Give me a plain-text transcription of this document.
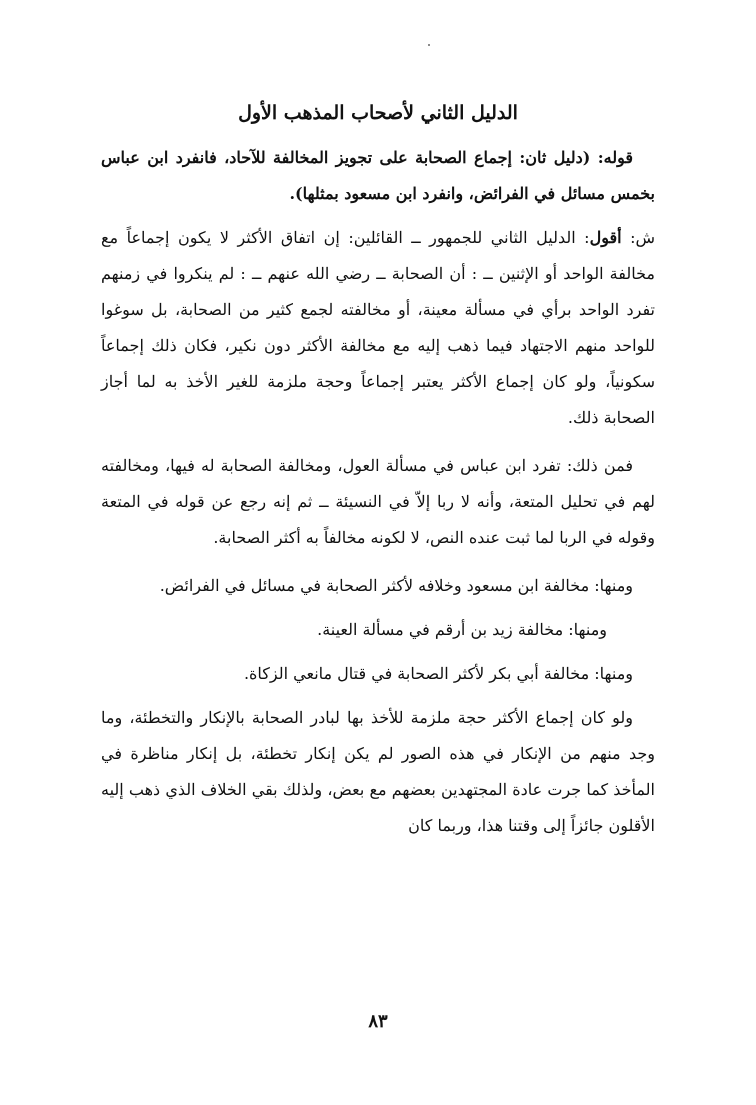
الدليل الثاني لأصحاب المذهب الأول

قوله: (دليل ثان: إجماع الصحابة على تجويز المخالفة للآحاد، فانفرد ابن عباس بخمس مسائل في الفرائض، وانفرد ابن مسعود بمثلها).

ش: أقول: الدليل الثاني للجمهور ــ القائلين: إن اتفاق الأكثر لا يكون إجماعاً مع مخالفة الواحد أو الإثنين ــ : أن الصحابة ــ رضي الله عنهم ــ : لم ينكروا في زمنهم تفرد الواحد برأي في مسألة معينة، أو مخالفته لجمع كثير من الصحابة، بل سوغوا للواحد منهم الاجتهاد فيما ذهب إليه مع مخالفة الأكثر دون نكير، فكان ذلك إجماعاً سكونياً، ولو كان إجماع الأكثر يعتبر إجماعاً وحجة ملزمة للغير الأخذ به لما أجاز الصحابة ذلك.

فمن ذلك: تفرد ابن عباس في مسألة العول، ومخالفة الصحابة له فيها، ومخالفته لهم في تحليل المتعة، وأنه لا ربا إلاّ في النسيئة ــ ثم إنه رجع عن قوله في المتعة وقوله في الربا لما ثبت عنده النص، لا لكونه مخالفاً به أكثر الصحابة.

ومنها: مخالفة ابن مسعود وخلافه لأكثر الصحابة في مسائل في الفرائض.

ومنها: مخالفة زيد بن أرقم في مسألة العينة.

ومنها: مخالفة أبي بكر لأكثر الصحابة في قتال مانعي الزكاة.

ولو كان إجماع الأكثر حجة ملزمة للأخذ بها لبادر الصحابة بالإنكار والتخطئة، وما وجد منهم من الإنكار في هذه الصور لم يكن إنكار تخطئة، بل إنكار مناظرة في المأخذ كما جرت عادة المجتهدين بعضهم مع بعض، ولذلك بقي الخلاف الذي ذهب إليه الأقلون جائزاً إلى وقتنا هذا، وربما كان

٨٣
